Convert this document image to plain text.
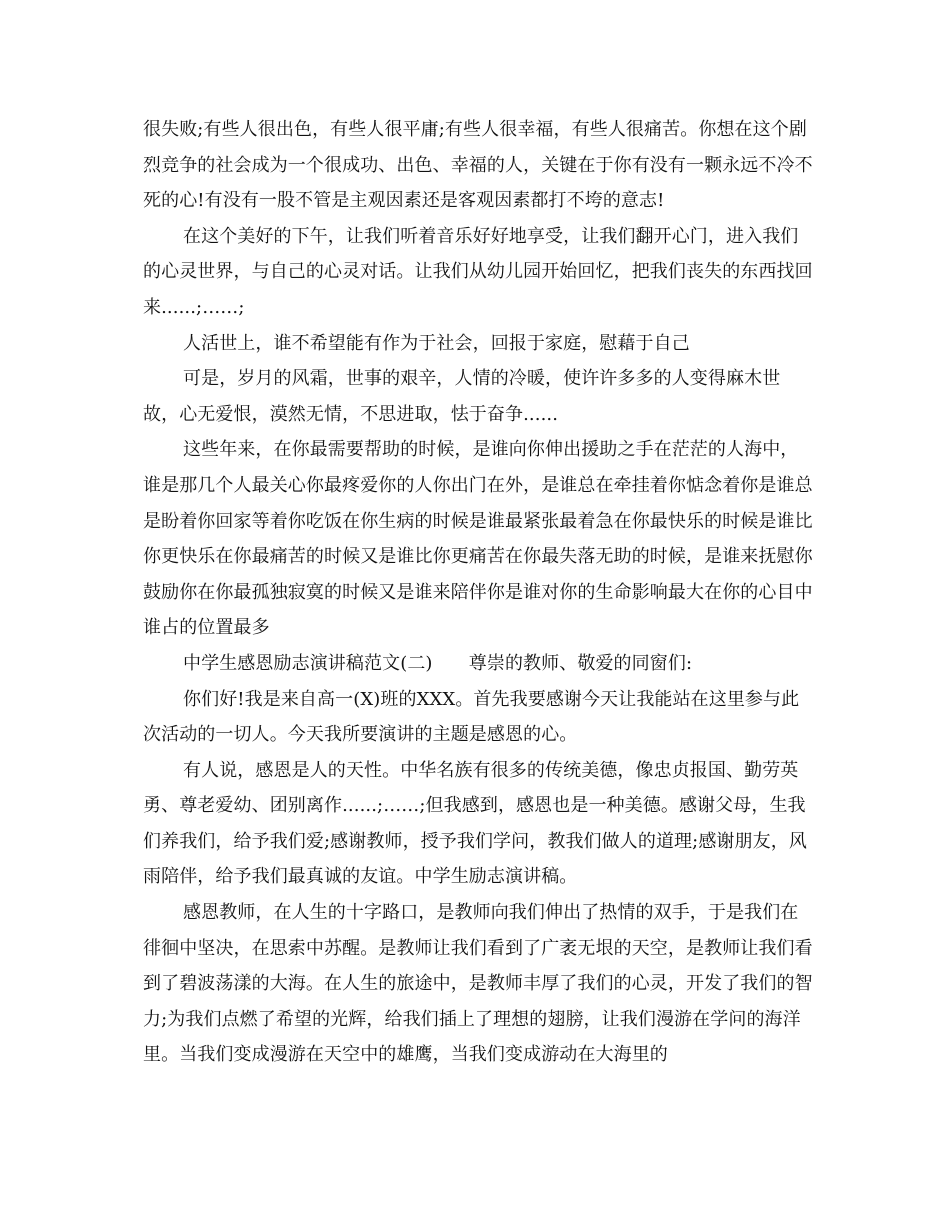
很失败;有些人很出色，有些人很平庸;有些人很幸福，有些人很痛苦。你想在这个剧烈竞争的社会成为一个很成功、出色、幸福的人，关键在于你有没有一颗永远不冷不死的心!有没有一股不管是主观因素还是客观因素都打不垮的意志!

在这个美好的下午，让我们听着音乐好好地享受，让我们翻开心门，进入我们的心灵世界，与自己的心灵对话。让我们从幼儿园开始回忆，把我们丧失的东西找回来......;……;

人活世上，谁不希望能有作为于社会，回报于家庭，慰藉于自己

可是，岁月的风霜，世事的艰辛，人情的冷暖，使许许多多的人变得麻木世故，心无爱恨，漠然无情，不思进取，怯于奋争......

这些年来，在你最需要帮助的时候，是谁向你伸出援助之手在茫茫的人海中，谁是那几个人最关心你最疼爱你的人你出门在外，是谁总在牵挂着你惦念着你是谁总是盼着你回家等着你吃饭在你生病的时候是谁最紧张最着急在你最快乐的时候是谁比你更快乐在你最痛苦的时候又是谁比你更痛苦在你最失落无助的时候，是谁来抚慰你鼓励你在你最孤独寂寞的时候又是谁来陪伴你是谁对你的生命影响最大在你的心目中谁占的位置最多

中学生感恩励志演讲稿范文(二)　　尊崇的教师、敬爱的同窗们:

你们好!我是来自高一(X)班的XXX。首先我要感谢今天让我能站在这里参与此次活动的一切人。今天我所要演讲的主题是感恩的心。

有人说，感恩是人的天性。中华名族有很多的传统美德，像忠贞报国、勤劳英勇、尊老爱幼、团别离作......;……;但我感到，感恩也是一种美德。感谢父母，生我们养我们，给予我们爱;感谢教师，授予我们学问，教我们做人的道理;感谢朋友，风雨陪伴，给予我们最真诚的友谊。中学生励志演讲稿。

感恩教师，在人生的十字路口，是教师向我们伸出了热情的双手，于是我们在徘徊中坚决，在思索中苏醒。是教师让我们看到了广袤无垠的天空，是教师让我们看到了碧波荡漾的大海。在人生的旅途中，是教师丰厚了我们的心灵，开发了我们的智力;为我们点燃了希望的光辉，给我们插上了理想的翅膀，让我们漫游在学问的海洋里。当我们变成漫游在天空中的雄鹰，当我们变成游动在大海里的
